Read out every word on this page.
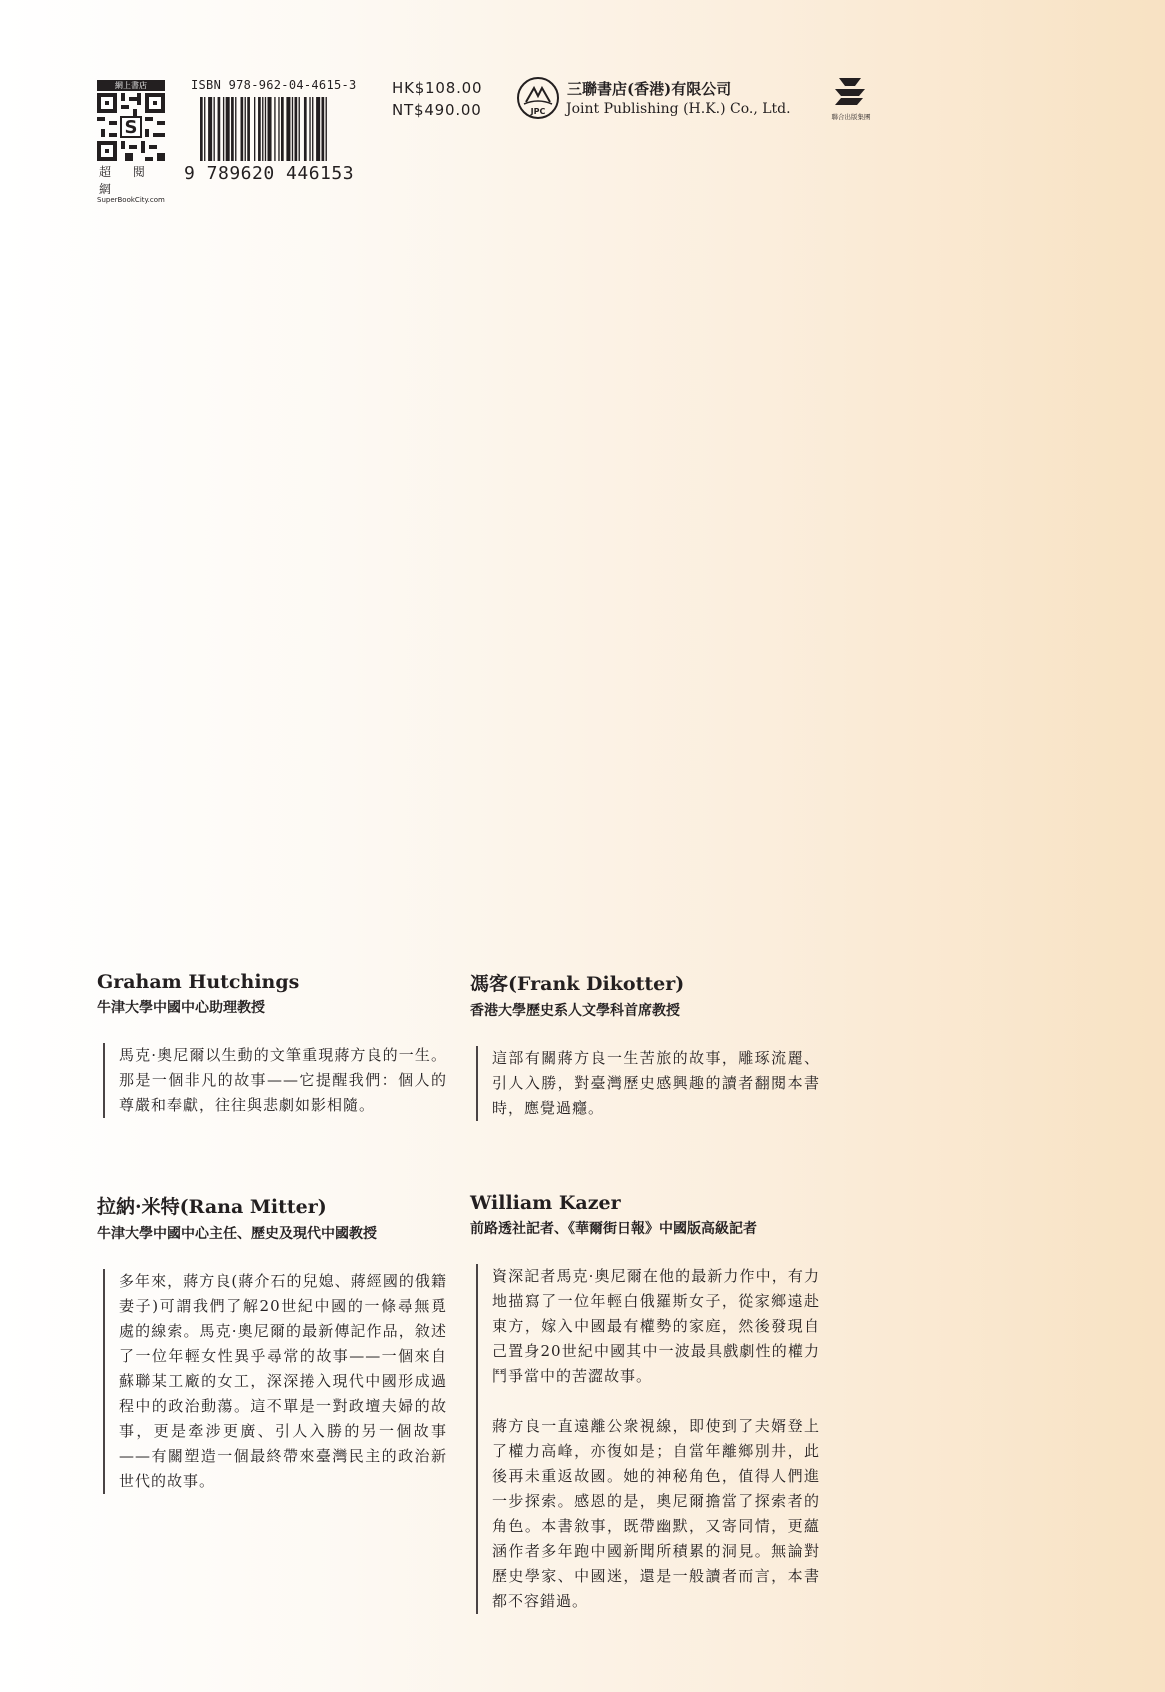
網上書店
S
超 閱 網
SuperBookCity.com
ISBN 978-962-04-4615-3
9 789620 446153
HK$108.00
NT$490.00	JPC
三聯書店(香港)有限公司
Joint Publishing (H.K.) Co., Ltd.	聯合出版集團
Graham Hutchings
牛津大學中國中心助理教授

馬克·奧尼爾以生動的文筆重現蔣方良的一生。那是一個非凡的故事——它提醒我們：個人的尊嚴和奉獻，往往與悲劇如影相隨。

馮客(Frank Dikotter)
香港大學歷史系人文學科首席教授

這部有關蔣方良一生苦旅的故事，雕琢流麗、引人入勝，對臺灣歷史感興趣的讀者翻閱本書時，應覺過癮。

拉納·米特(Rana Mitter)
牛津大學中國中心主任、歷史及現代中國教授

多年來，蔣方良(蔣介石的兒媳、蔣經國的俄籍妻子)可謂我們了解20世紀中國的一條尋無覓處的線索。馬克·奧尼爾的最新傳記作品，敘述了一位年輕女性異乎尋常的故事——一個來自蘇聯某工廠的女工，深深捲入現代中國形成過程中的政治動蕩。這不單是一對政壇夫婦的故事，更是牽涉更廣、引人入勝的另一個故事——有關塑造一個最終帶來臺灣民主的政治新世代的故事。

William Kazer
前路透社記者、《華爾街日報》中國版高級記者

資深記者馬克·奧尼爾在他的最新力作中，有力地描寫了一位年輕白俄羅斯女子，從家鄉遠赴東方，嫁入中國最有權勢的家庭，然後發現自己置身20世紀中國其中一波最具戲劇性的權力鬥爭當中的苦澀故事。

蔣方良一直遠離公衆視線，即使到了夫婿登上了權力高峰，亦復如是；自當年離鄉別井，此後再未重返故國。她的神秘角色，值得人們進一步探索。感恩的是，奧尼爾擔當了探索者的角色。本書敘事，既帶幽默，又寄同情，更蘊涵作者多年跑中國新聞所積累的洞見。無論對歷史學家、中國迷，還是一般讀者而言，本書都不容錯過。
